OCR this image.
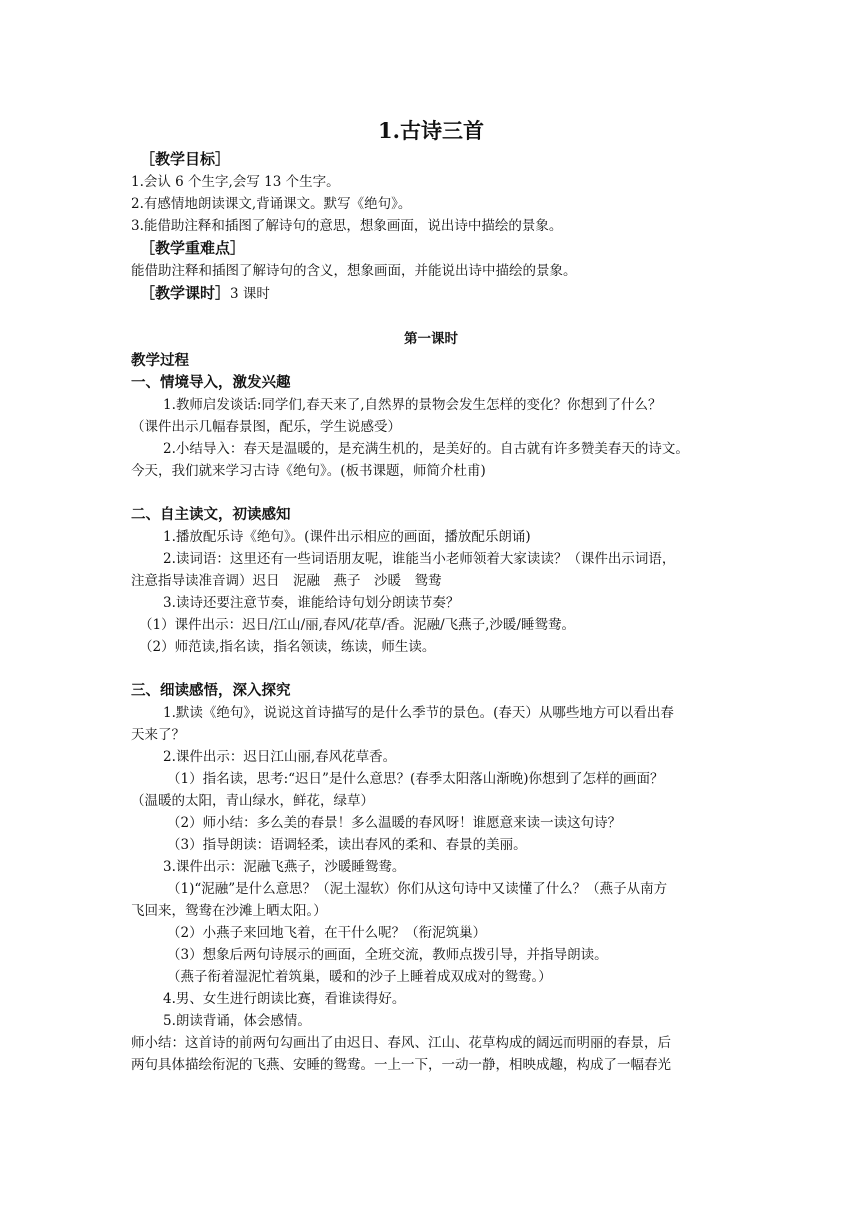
1.古诗三首

［教学目标］

1.会认 6 个生字,会写 13 个生字。

2.有感情地朗读课文,背诵课文。默写《绝句》。

3.能借助注释和插图了解诗句的意思，想象画面，说出诗中描绘的景象。

［教学重难点］

能借助注释和插图了解诗句的含义，想象画面，并能说出诗中描绘的景象。

［教学课时］3 课时

第一课时

教学过程

一、情境导入，激发兴趣

1.教师启发谈话:同学们,春天来了,自然界的景物会发生怎样的变化？你想到了什么？

（课件出示几幅春景图，配乐，学生说感受）

2.小结导入：春天是温暖的，是充满生机的，是美好的。自古就有许多赞美春天的诗文。

今天，我们就来学习古诗《绝句》。(板书课题，师简介杜甫)

二、自主读文，初读感知

1.播放配乐诗《绝句》。(课件出示相应的画面，播放配乐朗诵)

2.读词语：这里还有一些词语朋友呢，谁能当小老师领着大家读读？（课件出示词语，

注意指导读准音调）迟日　泥融　燕子　沙暖　鸳鸯

3.读诗还要注意节奏，谁能给诗句划分朗读节奏？

（1）课件出示：迟日/江山/丽,春风/花草/香。泥融/飞燕子,沙暖/睡鸳鸯。

（2）师范读,指名读，指名领读，练读，师生读。

三、细读感悟，深入探究

1.默读《绝句》，说说这首诗描写的是什么季节的景色。(春天）从哪些地方可以看出春

天来了？

2.课件出示：迟日江山丽,春风花草香。

（1）指名读，思考:“迟日”是什么意思？(春季太阳落山渐晚)你想到了怎样的画面？

（温暖的太阳，青山绿水，鲜花，绿草）

（2）师小结：多么美的春景！多么温暖的春风呀！谁愿意来读一读这句诗？

（3）指导朗读：语调轻柔，读出春风的柔和、春景的美丽。

3.课件出示：泥融飞燕子，沙暖睡鸳鸯。

（1)“泥融”是什么意思？（泥土湿软）你们从这句诗中又读懂了什么？（燕子从南方

飞回来，鸳鸯在沙滩上晒太阳。）

（2）小燕子来回地飞着，在干什么呢？（衔泥筑巢）

（3）想象后两句诗展示的画面，全班交流，教师点拨引导，并指导朗读。

（燕子衔着湿泥忙着筑巢，暖和的沙子上睡着成双成对的鸳鸯。）

4.男、女生进行朗读比赛，看谁读得好。

5.朗读背诵，体会感情。

师小结：这首诗的前两句勾画出了由迟日、春风、江山、花草构成的阔远而明丽的春景，后

两句具体描绘衔泥的飞燕、安睡的鸳鸯。一上一下，一动一静，相映成趣，构成了一幅春光
